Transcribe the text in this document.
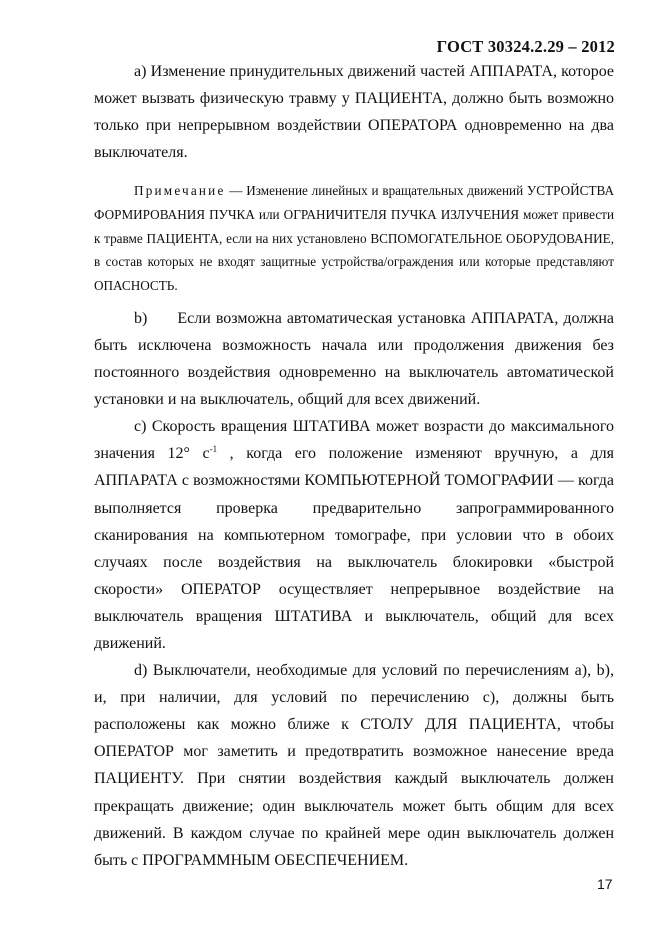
ГОСТ 30324.2.29 – 2012

а) Изменение принудительных движений частей АППАРАТА, которое может вызвать физическую травму у ПАЦИЕНТА, должно быть возможно только при непрерывном воздействии ОПЕРАТОРА одновременно на два выключателя.

Примечание — Изменение линейных и вращательных движений УСТРОЙСТВА ФОРМИРОВАНИЯ ПУЧКА или ОГРАНИЧИТЕЛЯ ПУЧКА ИЗЛУЧЕНИЯ может привести к травме ПАЦИЕНТА, если на них установлено ВСПОМОГАТЕЛЬНОЕ ОБОРУДОВАНИЕ, в состав которых не входят защитные устройства/ограждения или которые представляют ОПАСНОСТЬ.

b)      Если возможна автоматическая установка АППАРАТА, должна быть исключена возможность начала или продолжения движения без постоянного воздействия одновременно на выключатель автоматической установки и на выключатель, общий для всех движений.

с) Скорость вращения ШТАТИВА может возрасти до максимального значения 12° $с^{-1}$ , когда его положение изменяют вручную, а для АППАРАТА с возможностями КОМПЬЮТЕРНОЙ ТОМОГРАФИИ — когда выполняется проверка предварительно запрограммированного сканирования на компьютерном томографе, при условии что в обоих случаях после воздействия на выключатель блокировки «быстрой скорости» ОПЕРАТОР осуществляет непрерывное воздействие на выключатель вращения ШТАТИВА и выключатель, общий для всех движений.

d) Выключатели, необходимые для условий по перечислениям а), b), и, при наличии, для условий по перечислению с), должны быть расположены как можно ближе к СТОЛУ ДЛЯ ПАЦИЕНТА, чтобы ОПЕРАТОР мог заметить и предотвратить возможное нанесение вреда ПАЦИЕНТУ. При снятии воздействия каждый выключатель должен прекращать движение; один выключатель может быть общим для всех движений. В каждом случае по крайней мере один выключатель должен быть с ПРОГРАММНЫМ ОБЕСПЕЧЕНИЕМ.

17
